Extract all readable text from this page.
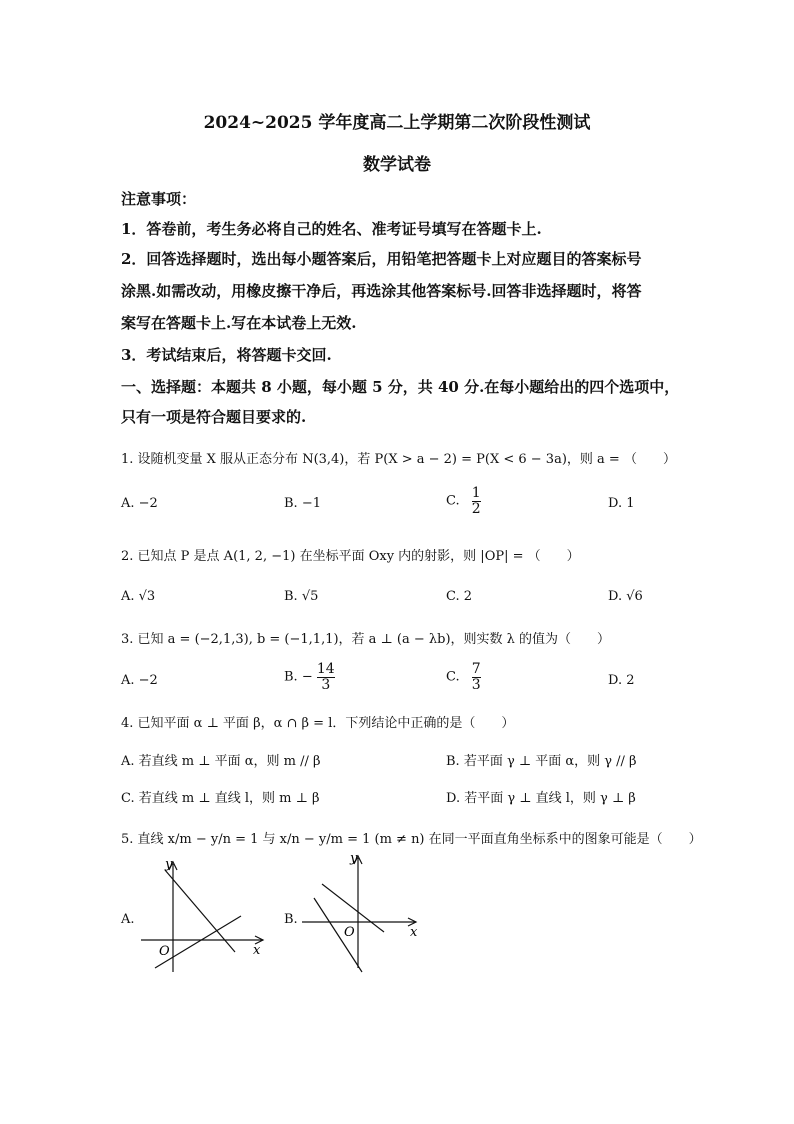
2024~2025 学年度高二上学期第二次阶段性测试
数学试卷
注意事项：
1．答卷前，考生务必将自己的姓名、准考证号填写在答题卡上.
2．回答选择题时，选出每小题答案后，用铅笔把答题卡上对应题目的答案标号
涂黑.如需改动，用橡皮擦干净后，再选涂其他答案标号.回答非选择题时，将答
案写在答题卡上.写在本试卷上无效.
3．考试结束后，将答题卡交回.
一、选择题：本题共 8 小题，每小题 5 分，共 40 分.在每小题给出的四个选项中，
只有一项是符合题目要求的.
1. 设随机变量 X 服从正态分布 N(3,4)，若 P(X > a − 2) = P(X < 6 − 3a)，则 a = （　　）
A. −2	B. −1	C. $\frac{1}{2}$	D. 1
2. 已知点 P 是点 A(1, 2, −1) 在坐标平面 Oxy 内的射影，则 |OP| = （　　）
A. √3	B. √5	C. 2	D. √6
3. 已知 a = (−2,1,3), b = (−1,1,1)，若 a ⊥ (a − λb)，则实数 λ 的值为（　　）
A. −2	B. − $\frac{14}{3}$	C. $\frac{7}{3}$	D. 2
4. 已知平面 α ⊥ 平面 β，α ∩ β = l．下列结论中正确的是（　　）
A. 若直线 m ⊥ 平面 α，则 m // β	B. 若平面 γ ⊥ 平面 α，则 γ // β
C. 若直线 m ⊥ 直线 l，则 m ⊥ β	D. 若平面 γ ⊥ 直线 l，则 γ ⊥ β
5. 直线 x/m − y/n = 1 与 x/n − y/m = 1 (m ≠ n) 在同一平面直角坐标系中的图象可能是（　　）
A.
y
x
O
B.
y
x
O
